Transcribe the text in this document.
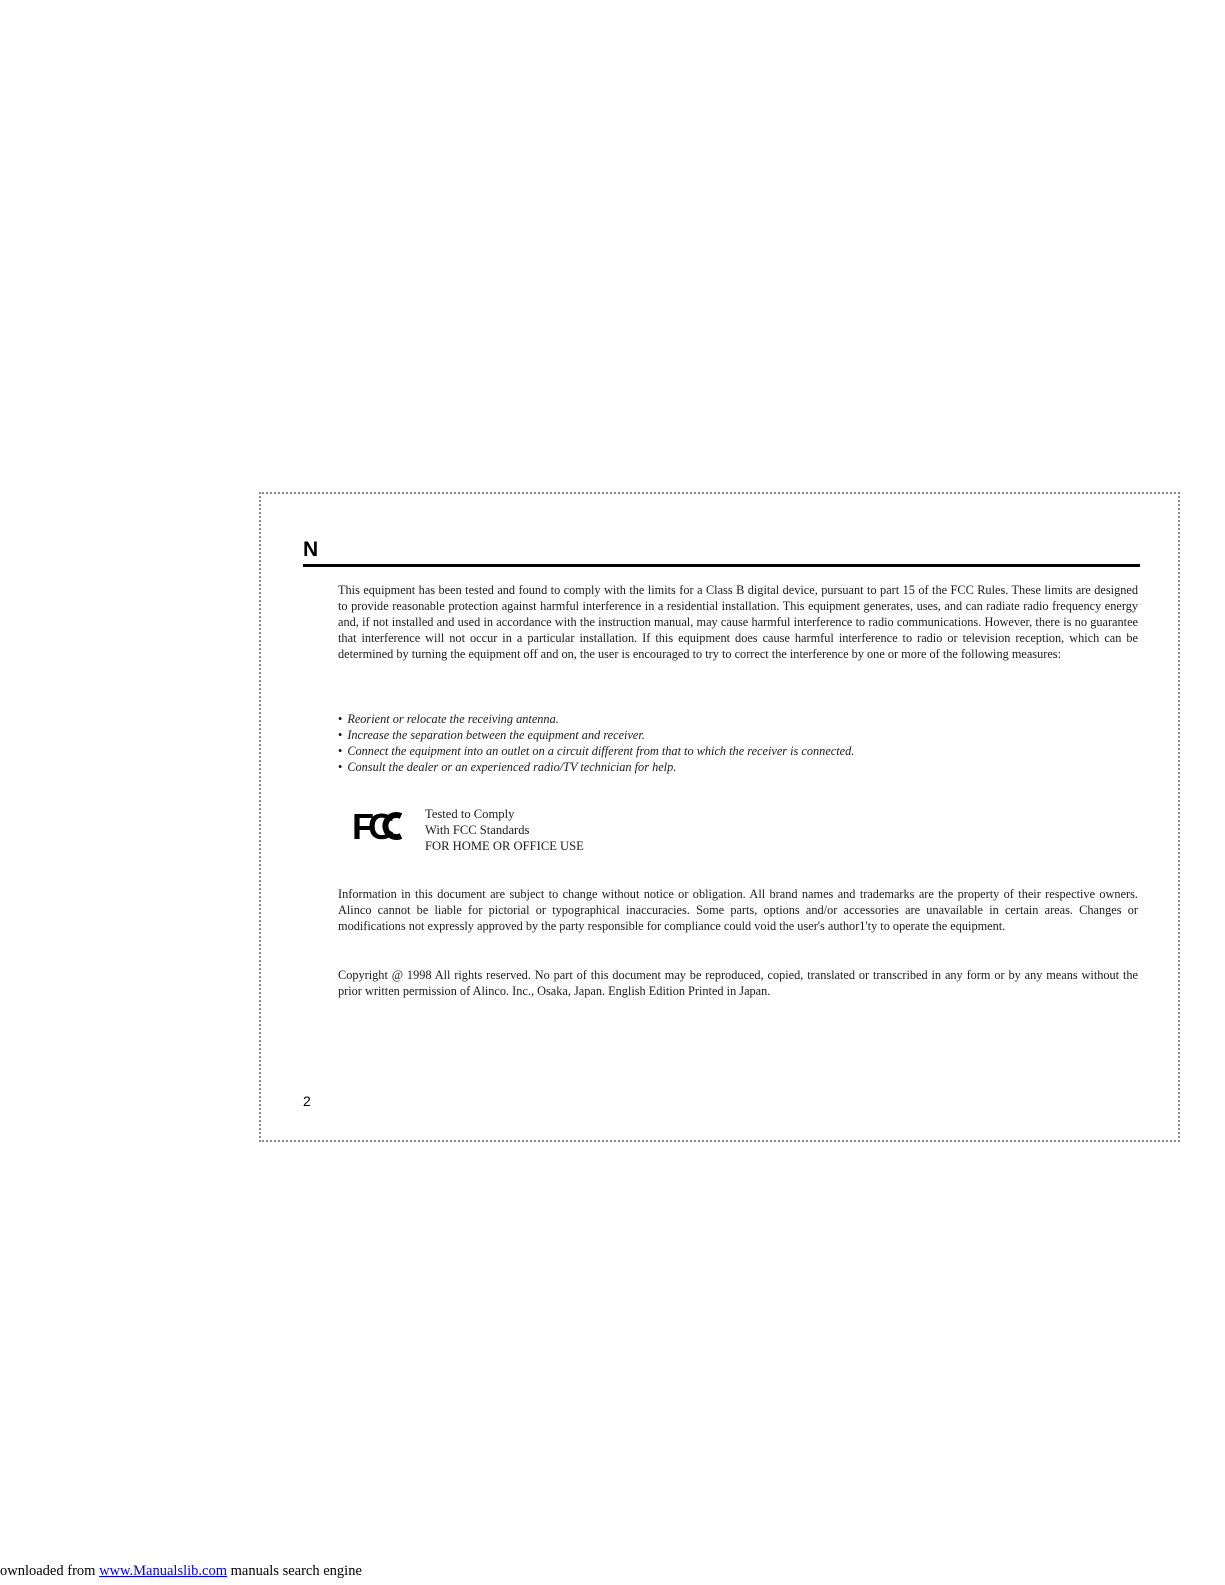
N

This equipment has been tested and found to comply with the limits for a Class B digital device, pursuant to part 15 of the FCC Rules. These limits are designed to provide reasonable protection against harmful interference in a residential installation. This equipment generates, uses, and can radiate radio frequency energy and, if not installed and used in accordance with the instruction manual, may cause harmful interference to radio communications. However, there is no guarantee that interference will not occur in a particular installation. If this equipment does cause harmful interference to radio or television reception, which can be determined by turning the equipment off and on, the user is encouraged to try to correct the interference by one or more of the following measures:

• Reorient or relocate the receiving antenna.
• Increase the separation between the equipment and receiver.
• Connect the equipment into an outlet on a circuit different from that to which the receiver is connected.
• Consult the dealer or an experienced radio/TV technician for help.
FC	Tested to Comply
With FCC Standards
FOR HOME OR OFFICE USE

Information in this document are subject to change without notice or obligation. All brand names and trademarks are the property of their respective owners. Alinco cannot be liable for pictorial or typographical inaccuracies. Some parts, options and/or accessories are unavailable in certain areas. Changes or modifications not expressly approved by the party responsible for compliance could void the user's author1'ty to operate the equipment.

Copyright @ 1998 All rights reserved. No part of this document may be reproduced, copied, translated or transcribed in any form or by any means without the prior written permission of Alinco. Inc., Osaka, Japan. English Edition Printed in Japan.

2
ownloaded from www.Manualslib.com manuals search engine
